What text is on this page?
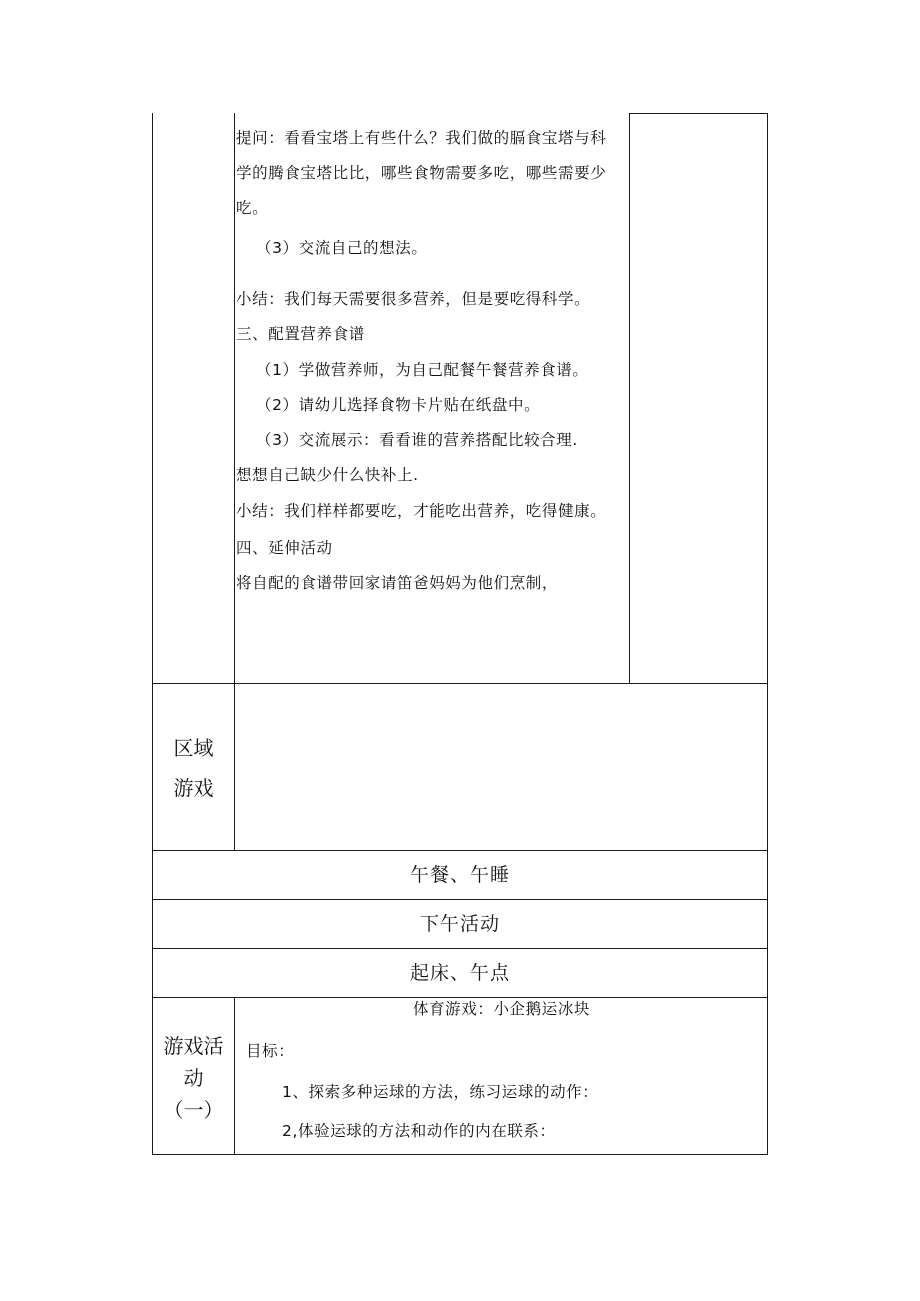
提问：看看宝塔上有些什么？我们做的膈食宝塔与科
学的腾食宝塔比比，哪些食物需要多吃，哪些需要少
吃。
（3）交流自己的想法。
小结：我们每天需要很多营养，但是要吃得科学。
三、配置营养食谱
（1）学做营养师，为自己配餐午餐营养食谱。
（2）请幼儿选择食物卡片贴在纸盘中。
（3）交流展示：看看谁的营养搭配比较合理.
想想自己缺少什么快补上.
小结：我们样样都要吃，才能吃出营养，吃得健康。
四、延伸活动
将自配的食谱带回家请笛爸妈妈为他们烹制，
区域
游戏
午餐、午睡
下午活动
起床、午点
游戏活
动
（一）
体育游戏：小企鹅运冰块
目标：
1、探索多种运球的方法，练习运球的动作：
2,体验运球的方法和动作的内在联系：
